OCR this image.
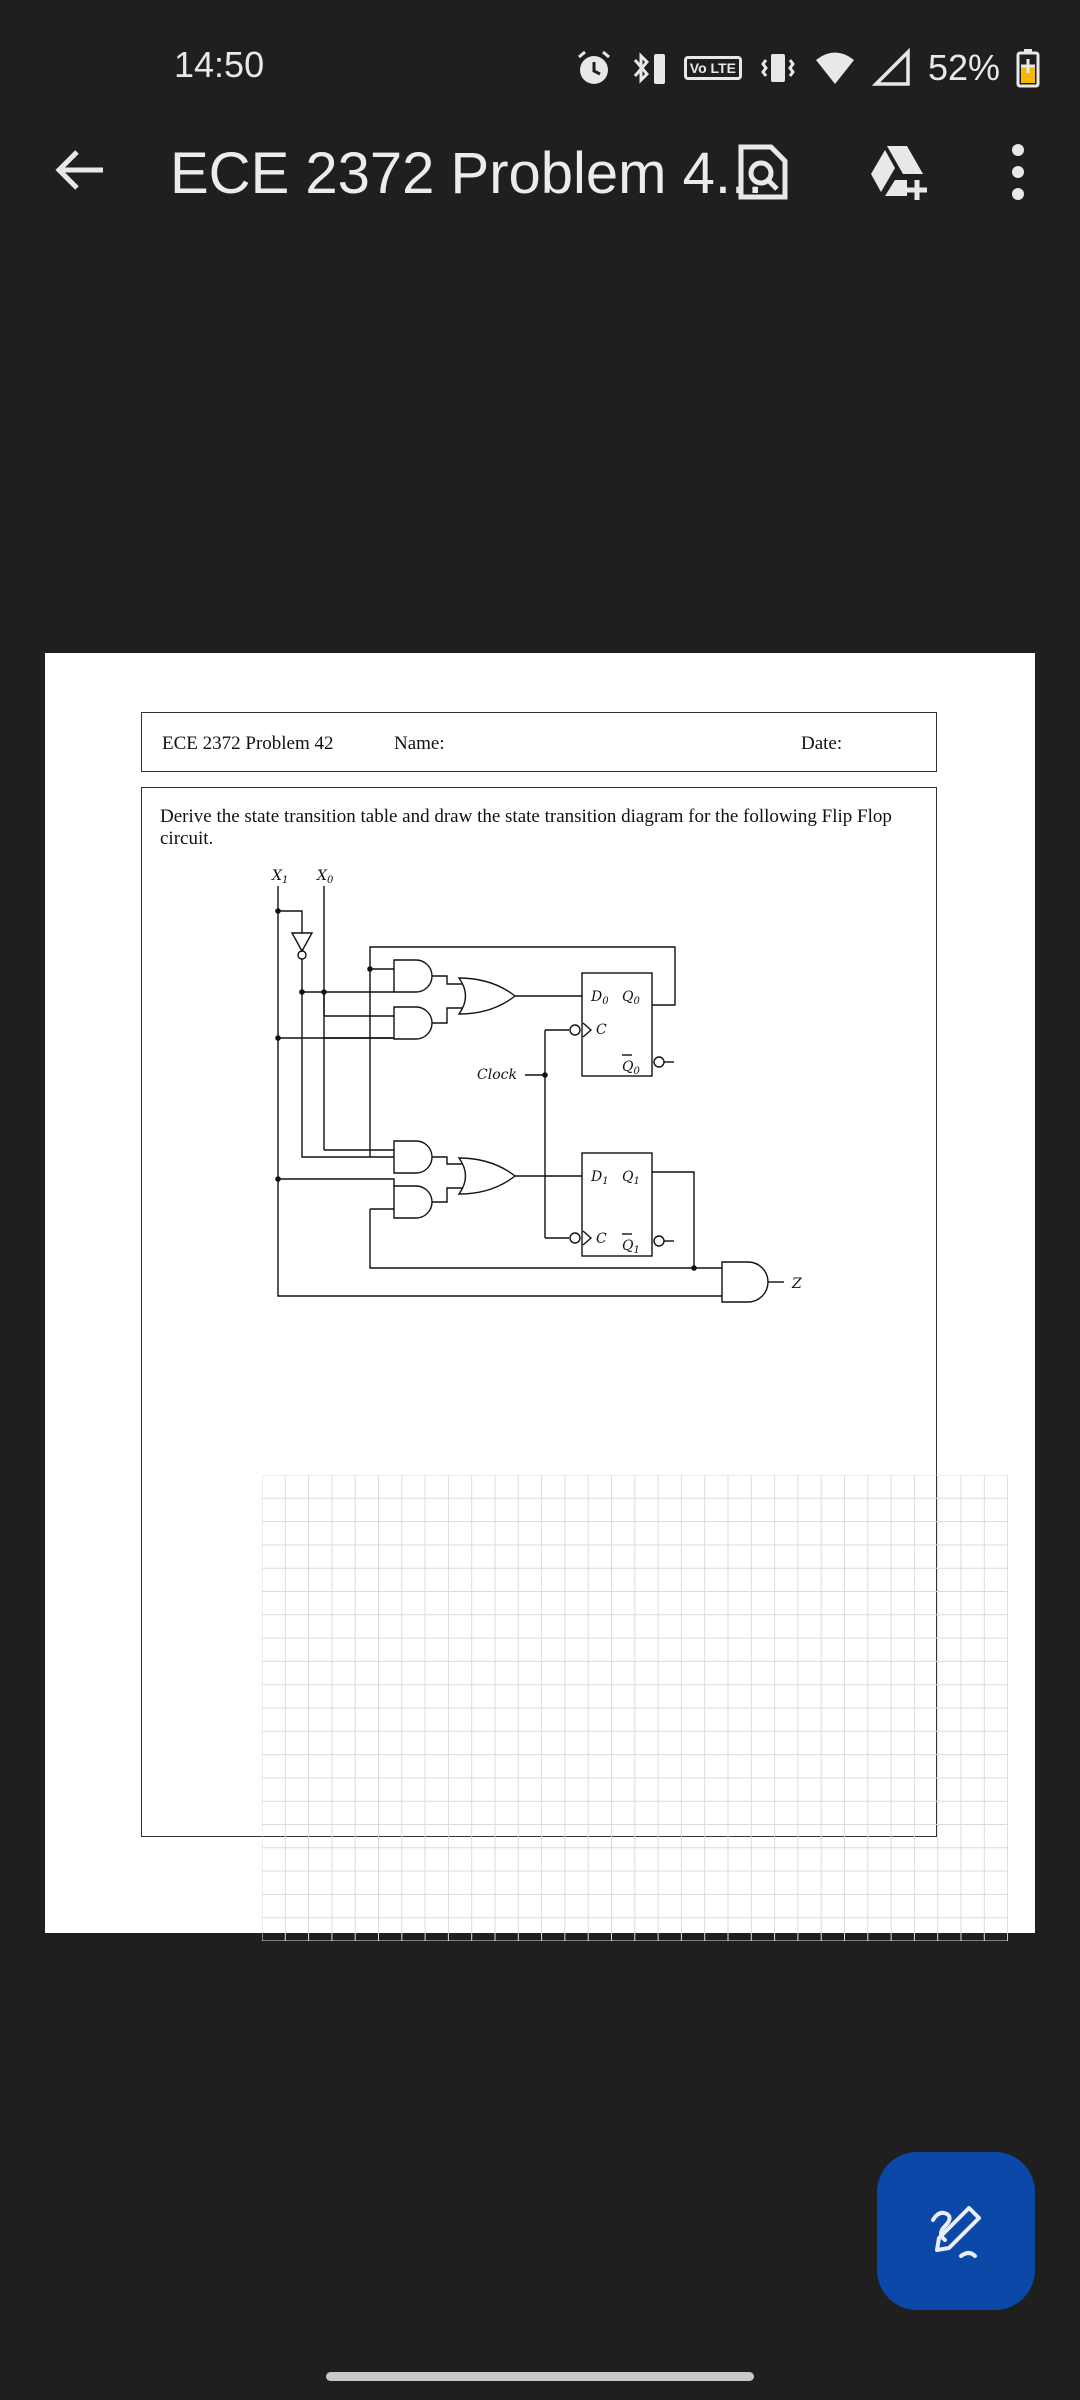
14:50	Vo LTE	52%
ECE 2372 Problem 4...
ECE 2372 Problem 42	Name:	Date:
Derive the state transition table and draw the state transition diagram for the following Flip Flop circuit.
$X_1$ $X_0$
$D_0$ $Q_0$
C
$Q_0$
Clock
$D_1$ $Q_1$
C $Q_1$
Z
